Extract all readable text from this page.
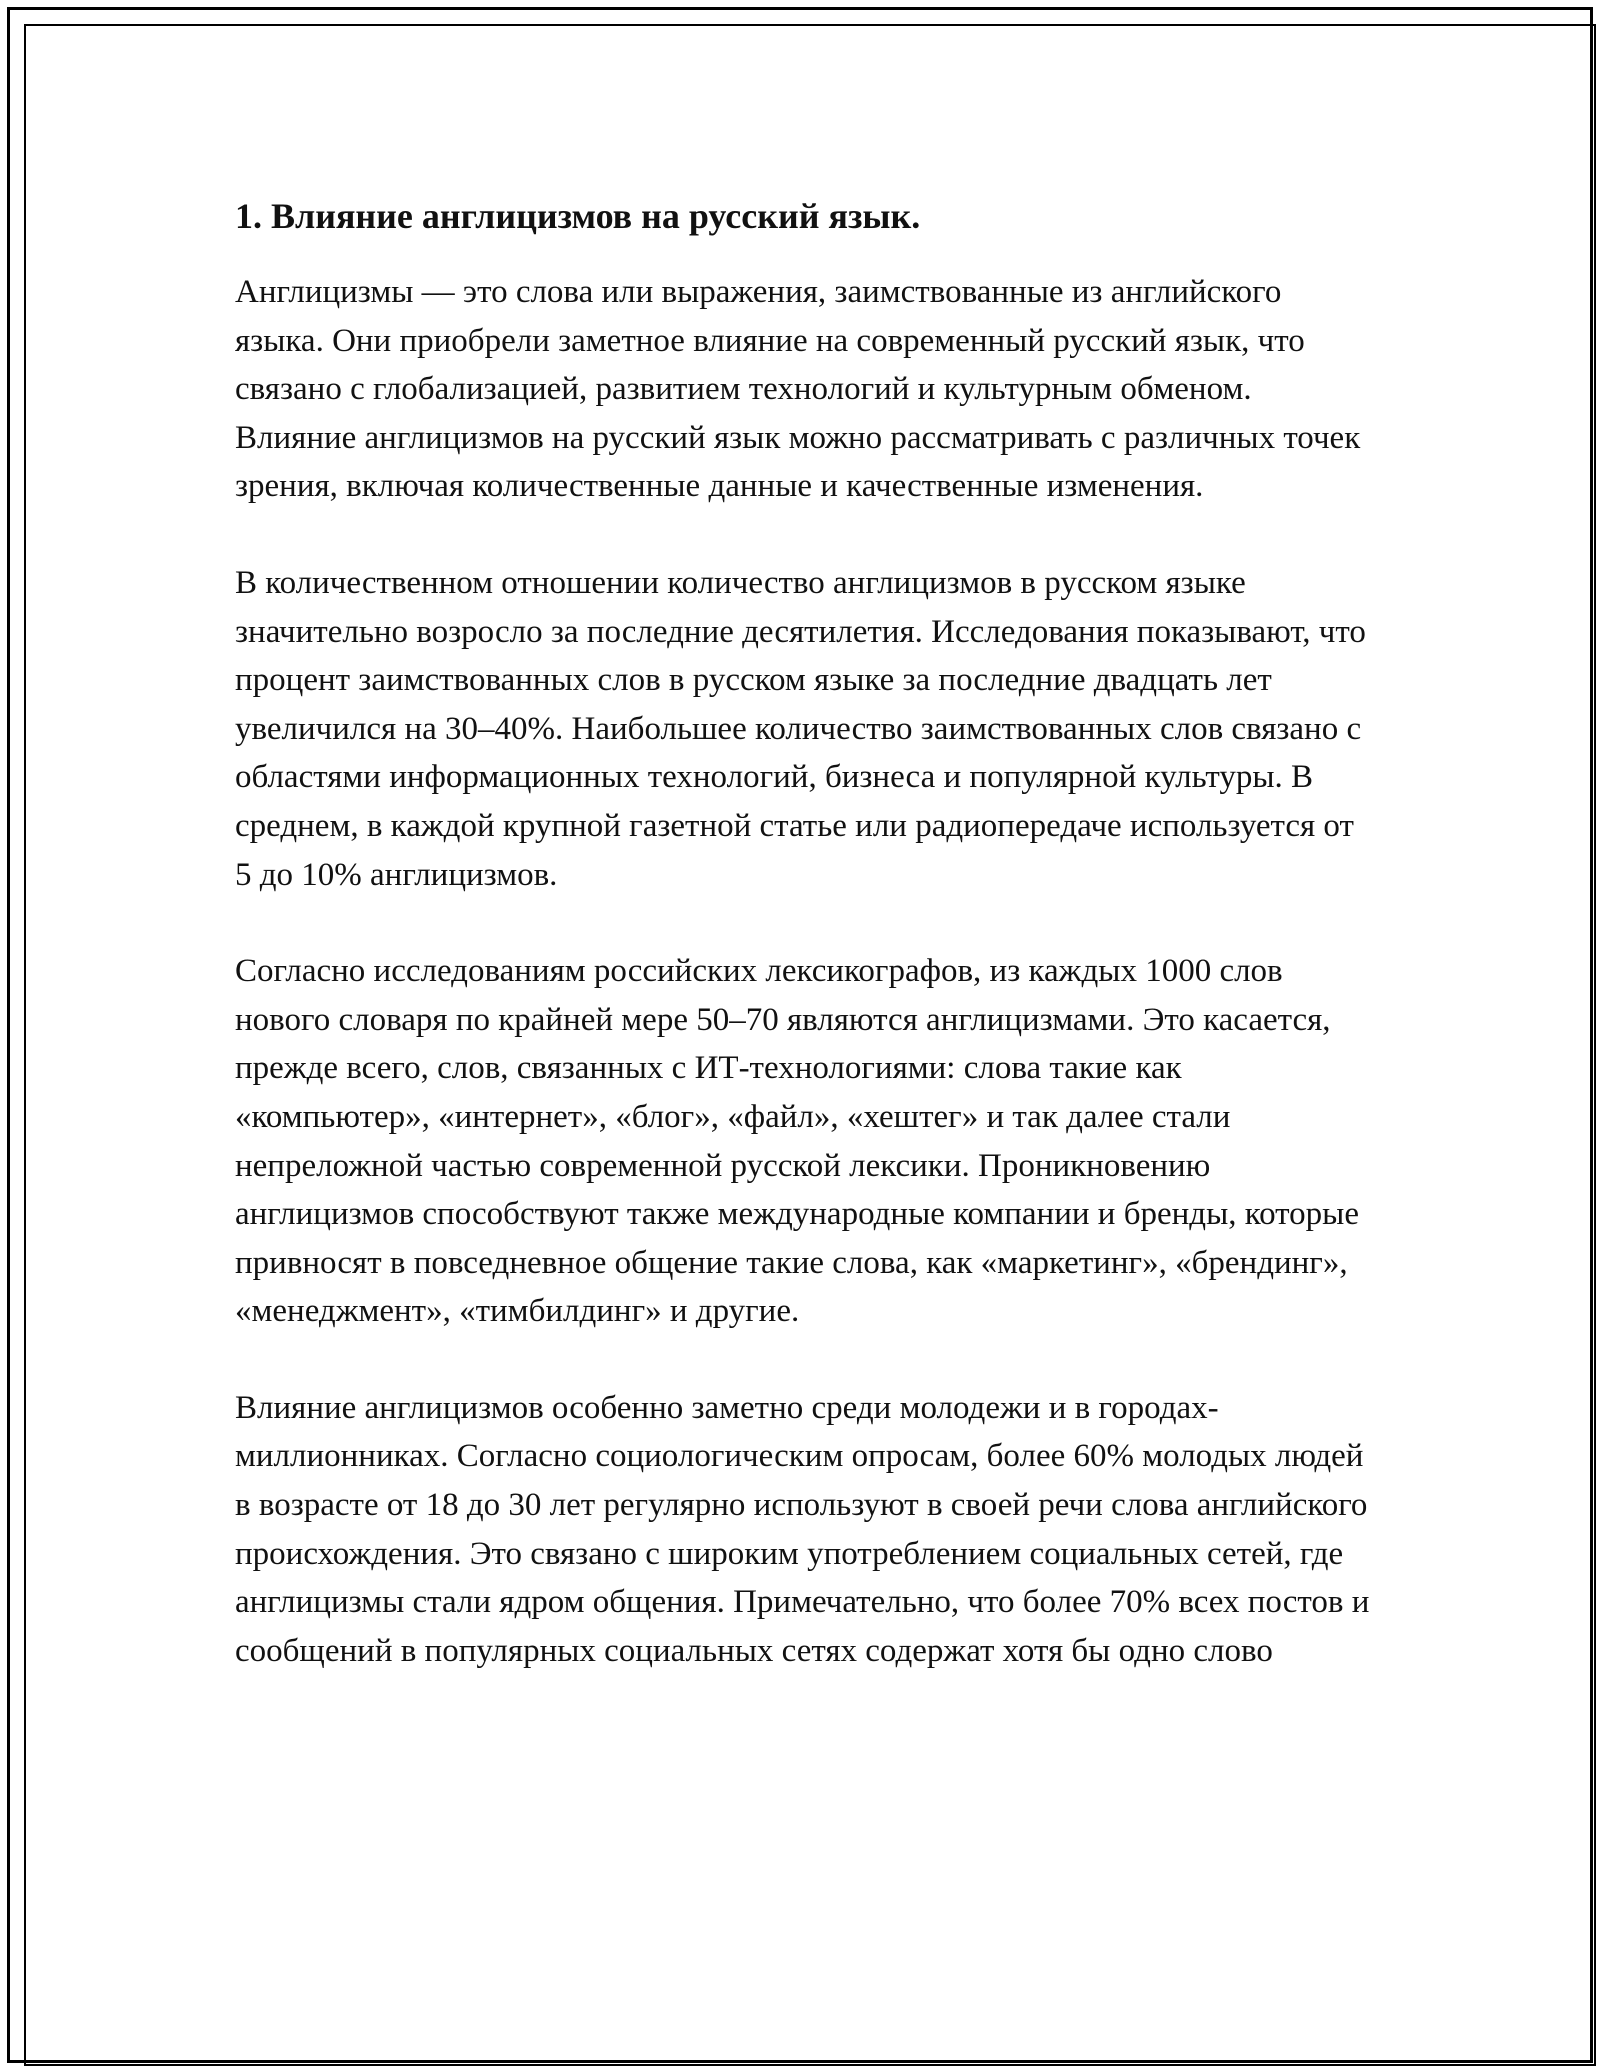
1. Влияние англицизмов на русский язык.

Англицизмы — это слова или выражения, заимствованные из английского языка. Они приобрели заметное влияние на современный русский язык, что связано с глобализацией, развитием технологий и культурным обменом. Влияние англицизмов на русский язык можно рассматривать с различных точек зрения, включая количественные данные и качественные изменения.

В количественном отношении количество англицизмов в русском языке значительно возросло за последние десятилетия. Исследования показывают, что процент заимствованных слов в русском языке за последние двадцать лет увеличился на 30–40%. Наибольшее количество заимствованных слов связано с областями информационных технологий, бизнеса и популярной культуры. В среднем, в каждой крупной газетной статье или радиопередаче используется от 5 до 10% англицизмов.

Согласно исследованиям российских лексикографов, из каждых 1000 слов нового словаря по крайней мере 50–70 являются англицизмами. Это касается, прежде всего, слов, связанных с ИТ-технологиями: слова такие как «компьютер», «интернет», «блог», «файл», «хештег» и так далее стали непреложной частью современной русской лексики. Проникновению англицизмов способствуют также международные компании и бренды, которые привносят в повседневное общение такие слова, как «маркетинг», «брендинг», «менеджмент», «тимбилдинг» и другие.

Влияние англицизмов особенно заметно среди молодежи и в городах-миллионниках. Согласно социологическим опросам, более 60% молодых людей в возрасте от 18 до 30 лет регулярно используют в своей речи слова английского происхождения. Это связано с широким употреблением социальных сетей, где англицизмы стали ядром общения. Примечательно, что более 70% всех постов и сообщений в популярных социальных сетях содержат хотя бы одно слово
